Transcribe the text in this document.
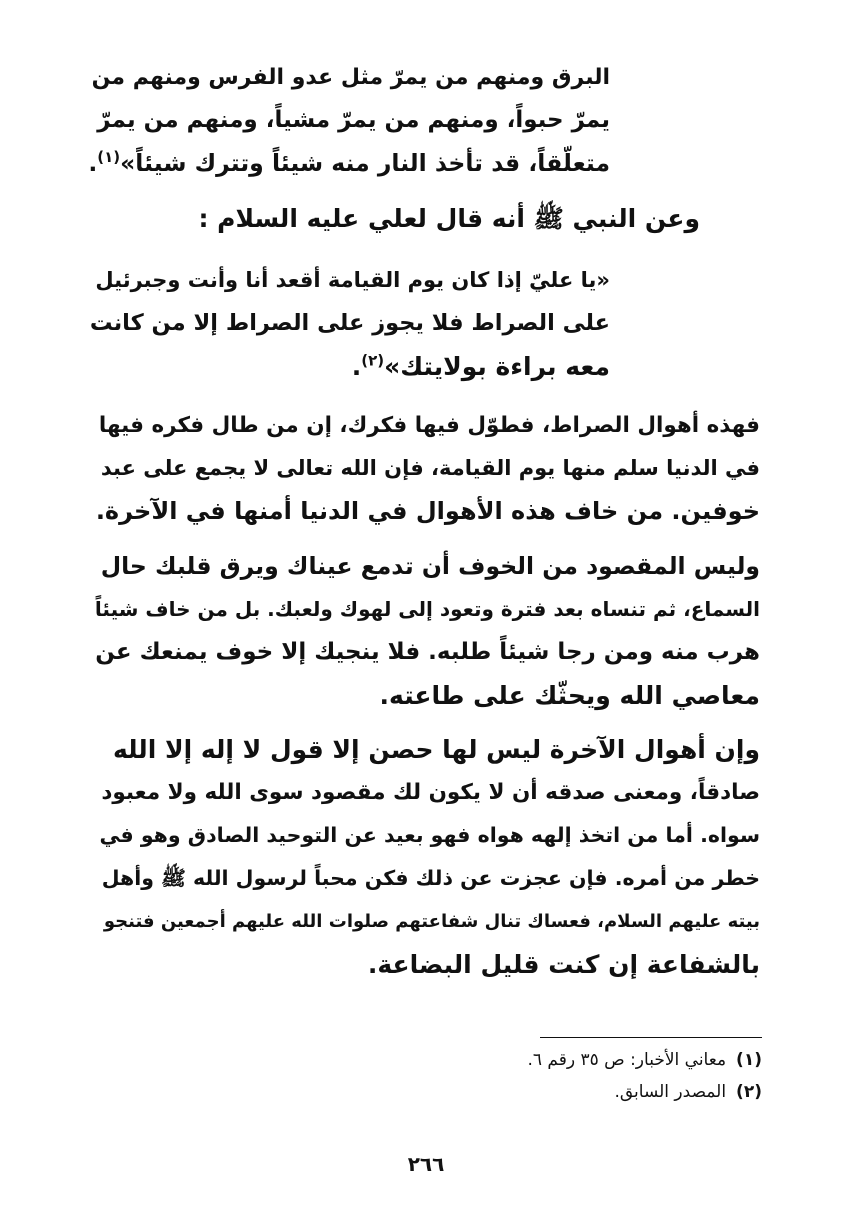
البرق ومنهم من يمرّ مثل عدو الفرس ومنهم من
يمرّ حبواً، ومنهم من يمرّ مشياً، ومنهم من يمرّ
متعلّقاً، قد تأخذ النار منه شيئاً وتترك شيئاً»$^{(١)}$.
وعن النبي ﷺ أنه قال لعلي عليه السلام :
«يا عليّ إذا كان يوم القيامة أقعد أنا وأنت وجبرئيل
على الصراط فلا يجوز على الصراط إلا من كانت
معه براءة بولايتك»$^{(٢)}$.
فهذه أهوال الصراط، فطوّل فيها فكرك، إن من طال فكره فيها
في الدنيا سلم منها يوم القيامة، فإن الله تعالى لا يجمع على عبد
خوفين. من خاف هذه الأهوال في الدنيا أمنها في الآخرة.
وليس المقصود من الخوف أن تدمع عيناك ويرق قلبك حال
السماع، ثم تنساه بعد فترة وتعود إلى لهوك ولعبك. بل من خاف شيئاً
هرب منه ومن رجا شيئاً طلبه. فلا ينجيك إلا خوف يمنعك عن
معاصي الله ويحثّك على طاعته.
وإن أهوال الآخرة ليس لها حصن إلا قول لا إله إلا الله
صادقاً، ومعنى صدقه أن لا يكون لك مقصود سوى الله ولا معبود
سواه. أما من اتخذ إلهه هواه فهو بعيد عن التوحيد الصادق وهو في
خطر من أمره. فإن عجزت عن ذلك فكن محباً لرسول الله ﷺ وأهل
بيته عليهم السلام، فعساك تنال شفاعتهم صلوات الله عليهم أجمعين فتنجو
بالشفاعة إن كنت قليل البضاعة.
(١)معاني الأخبار: ص ٣٥ رقم ٦.
(٢)المصدر السابق.
٢٦٦
